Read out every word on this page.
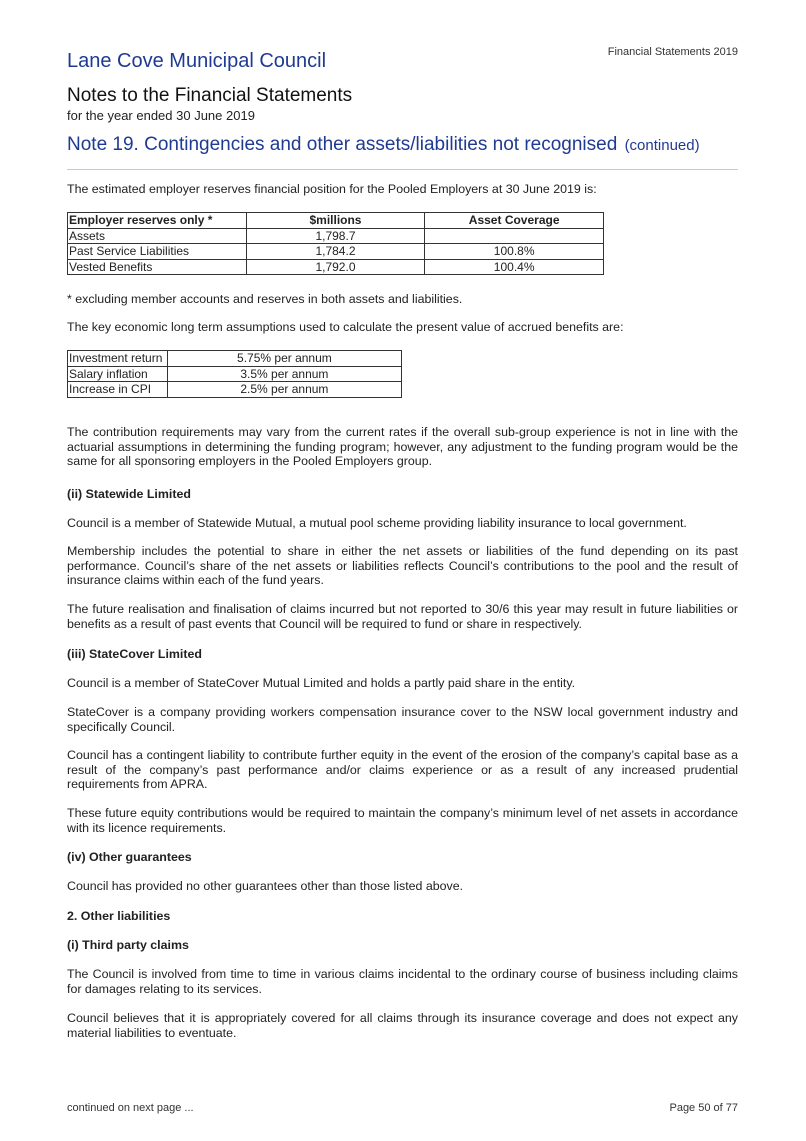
Lane Cove Municipal Council	Financial Statements 2019
Notes to the Financial Statements
for the year ended 30 June 2019
Note 19. Contingencies and other assets/liabilities not recognised (continued)
The estimated employer reserves financial position for the Pooled Employers at 30 June 2019 is:
Employer reserves only *	$millions	Asset Coverage
Assets	1,798.7	
Past Service Liabilities	1,784.2	100.8%
Vested Benefits	1,792.0	100.4%
* excluding member accounts and reserves in both assets and liabilities.
The key economic long term assumptions used to calculate the present value of accrued benefits are:
Investment return	5.75% per annum
Salary inflation	3.5% per annum
Increase in CPI	2.5% per annum
The contribution requirements may vary from the current rates if the overall sub-group experience is not in line with the actuarial assumptions in determining the funding program; however, any adjustment to the funding program would be the same for all sponsoring employers in the Pooled Employers group.
(ii) Statewide Limited
Council is a member of Statewide Mutual, a mutual pool scheme providing liability insurance to local government.
Membership includes the potential to share in either the net assets or liabilities of the fund depending on its past performance. Council’s share of the net assets or liabilities reflects Council’s contributions to the pool and the result of insurance claims within each of the fund years.
The future realisation and finalisation of claims incurred but not reported to 30/6 this year may result in future liabilities or benefits as a result of past events that Council will be required to fund or share in respectively.
(iii) StateCover Limited
Council is a member of StateCover Mutual Limited and holds a partly paid share in the entity.
StateCover is a company providing workers compensation insurance cover to the NSW local government industry and specifically Council.
Council has a contingent liability to contribute further equity in the event of the erosion of the company’s capital base as a result of the company’s past performance and/or claims experience or as a result of any increased prudential requirements from APRA.
These future equity contributions would be required to maintain the company’s minimum level of net assets in accordance with its licence requirements.
(iv) Other guarantees
Council has provided no other guarantees other than those listed above.
2. Other liabilities
(i) Third party claims
The Council is involved from time to time in various claims incidental to the ordinary course of business including claims for damages relating to its services.
Council believes that it is appropriately covered for all claims through its insurance coverage and does not expect any material liabilities to eventuate.
continued on next page ...	Page 50 of 77
